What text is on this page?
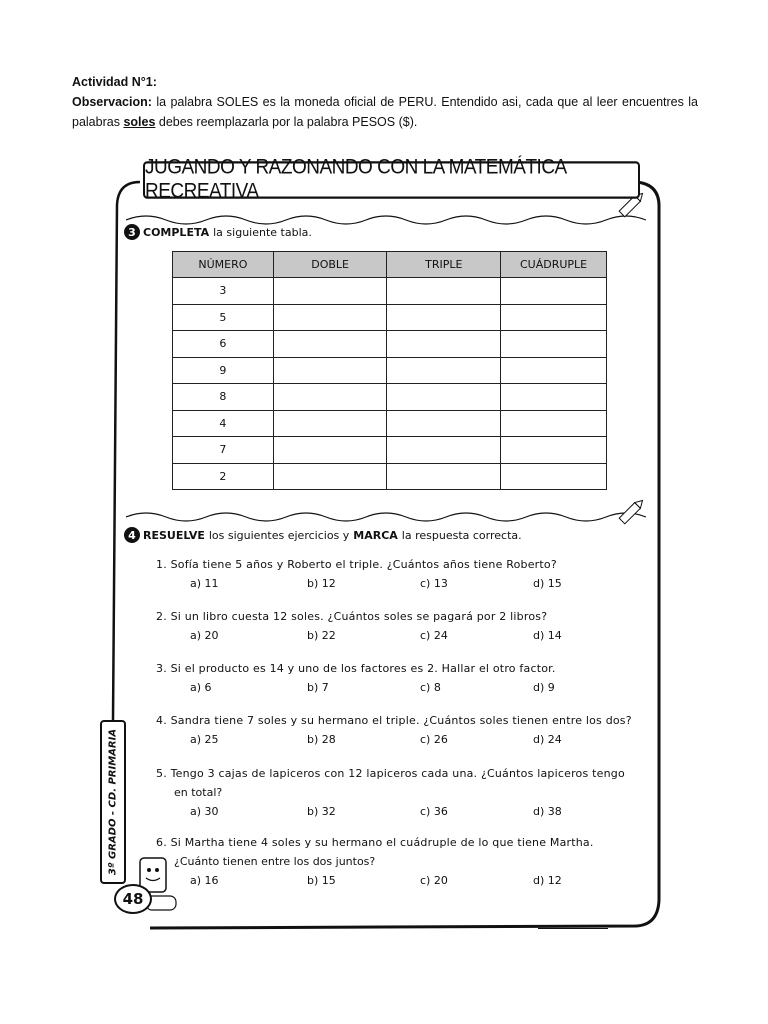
Actividad N°1:

Observacion: la palabra SOLES es la moneda oficial de PERU. Entendido asi, cada que al leer encuentres la palabras soles debes reemplazarla por la palabra PESOS ($).

JUGANDO Y RAZONANDO CON LA MATEMÁTICA RECREATIVA
3º GRADO - CD. PRIMARIA
48
3 COMPLETA la siguiente tabla.
NÚMERO	DOBLE	TRIPLE	CUÁDRUPLE
3			
5			
6			
9			
8			
4			
7			
2			
4 RESUELVE los siguientes ejercicios y MARCA la respuesta correcta.
1. Sofía tiene 5 años y Roberto el triple. ¿Cuántos años tiene Roberto?
a) 11	b) 12	c) 13	d) 15
2. Si un libro cuesta 12 soles. ¿Cuántos soles se pagará por 2 libros?
a) 20	b) 22	c) 24	d) 14
3. Si el producto es 14 y uno de los factores es 2. Hallar el otro factor.
a) 6	b) 7	c) 8	d) 9
4. Sandra tiene 7 soles y su hermano el triple. ¿Cuántos soles tienen entre los dos?
a) 25	b) 28	c) 26	d) 24
5. Tengo 3 cajas de lapiceros con 12 lapiceros cada una. ¿Cuántos lapiceros tengo
en total?
a) 30	b) 32	c) 36	d) 38
6. Si Martha tiene 4 soles y su hermano el cuádruple de lo que tiene Martha.
¿Cuánto tienen entre los dos juntos?
a) 16	b) 15	c) 20	d) 12
